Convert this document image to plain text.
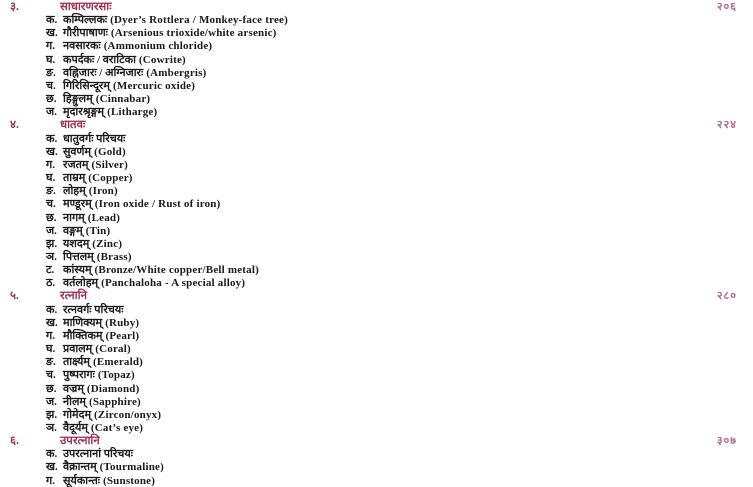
३.	साधारणरसाः	२०६
क. कम्पिल्लकः (Dyer’s Rottlera / Monkey-face tree)
ख. गौरीपाषाणः (Arsenious trioxide/white arsenic)
ग. नवसारकः (Ammonium chloride)
घ. कपर्दकः / वराटिका (Cowrite)
ङ. वह्निजारः / अग्निजारः (Ambergris)
च. गिरिसिन्दूरम् (Mercuric oxide)
छ. हिङ्गुलम् (Cinnabar)
ज. मृदारश्रृङ्गम् (Litharge)
४.	धातवः	२२४
क. धातुवर्गः परिचयः
ख. सुवर्णम् (Gold)
ग. रजतम् (Silver)
घ. ताम्रम् (Copper)
ङ. लोहम् (Iron)
च. मण्डूरम् (Iron oxide / Rust of iron)
छ. नागम् (Lead)
ज. वङ्गम् (Tin)
झ. यशदम् (Zinc)
ञ. पित्तलम् (Brass)
ट. कांस्यम् (Bronze/White copper/Bell metal)
ठ. वर्तलोहम् (Panchaloha - A special alloy)
५.	रत्नानि	२८०
क. रत्नवर्गः परिचयः
ख. माणिक्यम् (Ruby)
ग. मौक्तिकम् (Pearl)
घ. प्रवालम् (Coral)
ङ. तार्क्ष्यम् (Emerald)
च. पुष्परागः (Topaz)
छ. वज्रम् (Diamond)
ज. नीलम् (Sapphire)
झ. गोमेदम् (Zircon/onyx)
ञ. वैदूर्यम् (Cat’s eye)
६.	उपरत्नानि	३०७
क. उपरत्नानां परिचयः
ख. वैक्रान्तम् (Tourmaline)
ग. सूर्यकान्तः (Sunstone)
